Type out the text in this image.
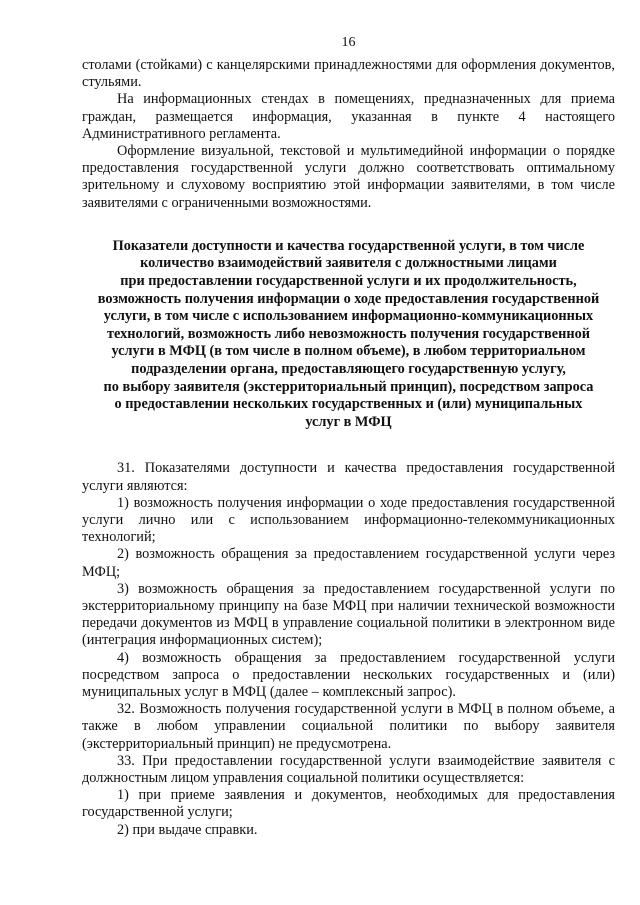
16

столами (стойками) с канцелярскими принадлежностями для оформления документов, стульями.

На информационных стендах в помещениях, предназначенных для приема граждан, размещается информация, указанная в пункте 4 настоящего Административного регламента.

Оформление визуальной, текстовой и мультимедийной информации о порядке предоставления государственной услуги должно соответствовать оптимальному зрительному и слуховому восприятию этой информации заявителями, в том числе заявителями с ограниченными возможностями.

Показатели доступности и качества государственной услуги, в том числе
количество взаимодействий заявителя с должностными лицами
при предоставлении государственной услуги и их продолжительность,
возможность получения информации о ходе предоставления государственной
услуги, в том числе с использованием информационно-коммуникационных
технологий, возможность либо невозможность получения государственной
услуги в МФЦ (в том числе в полном объеме), в любом территориальном
подразделении органа, предоставляющего государственную услугу,
по выбору заявителя (экстерриториальный принцип), посредством запроса
о предоставлении нескольких государственных и (или) муниципальных
услуг в МФЦ

31. Показателями доступности и качества предоставления государственной услуги являются:

1) возможность получения информации о ходе предоставления государственной услуги лично или с использованием информационно-телекоммуникационных технологий;

2) возможность обращения за предоставлением государственной услуги через МФЦ;

3) возможность обращения за предоставлением государственной услуги по экстерриториальному принципу на базе МФЦ при наличии технической возможности передачи документов из МФЦ в управление социальной политики в электронном виде (интеграция информационных систем);

4) возможность обращения за предоставлением государственной услуги посредством запроса о предоставлении нескольких государственных и (или) муниципальных услуг в МФЦ (далее – комплексный запрос).

32. Возможность получения государственной услуги в МФЦ в полном объеме, а также в любом управлении социальной политики по выбору заявителя (экстерриториальный принцип) не предусмотрена.

33. При предоставлении государственной услуги взаимодействие заявителя с должностным лицом управления социальной политики осуществляется:

1) при приеме заявления и документов, необходимых для предоставления государственной услуги;

2) при выдаче справки.
